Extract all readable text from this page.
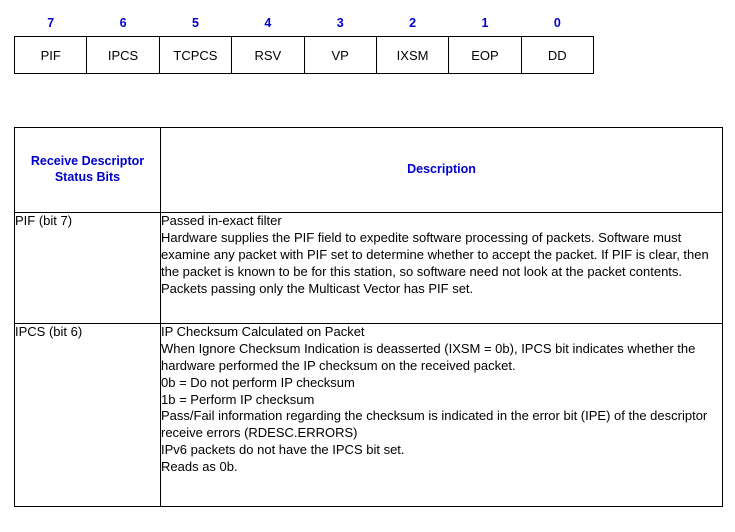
7	6	5	4	3	2	1	0
PIF	IPCS	TCPCS	RSV	VP	IXSM	EOP	DD
Receive Descriptor Status Bits	Description
PIF (bit 7)	Passed in-exact filter

Hardware supplies the PIF field to expedite software processing of packets. Software must examine any packet with PIF set to determine whether to accept the packet. If PIF is clear, then the packet is known to be for this station, so software need not look at the packet contents. Packets passing only the Multicast Vector has PIF set.

IPCS (bit 6)	IP Checksum Calculated on Packet

When Ignore Checksum Indication is deasserted (IXSM = 0b), IPCS bit indicates whether the hardware performed the IP checksum on the received packet.

0b = Do not perform IP checksum

1b = Perform IP checksum

Pass/Fail information regarding the checksum is indicated in the error bit (IPE) of the descriptor receive errors (RDESC.ERRORS)

IPv6 packets do not have the IPCS bit set.

Reads as 0b.
